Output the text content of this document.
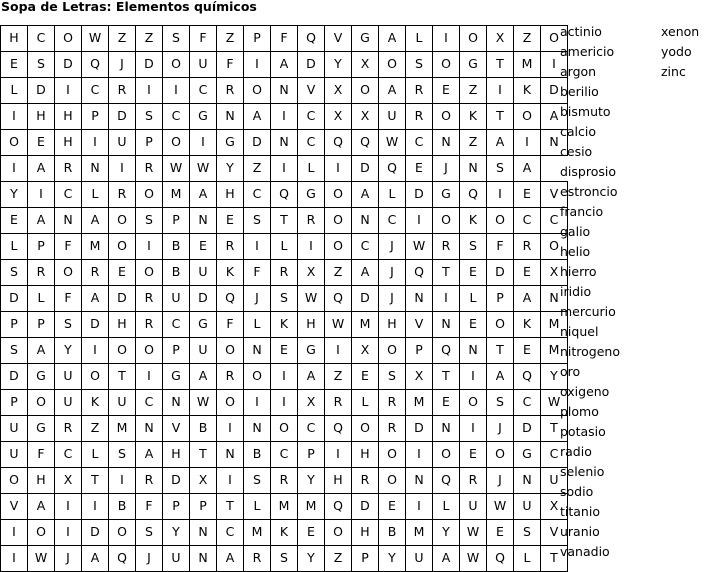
Sopa de Letras: Elementos químicos
H	C	O	W	Z	Z	S	F	Z	P	F	Q	V	G	A	L	I	O	X	Z	O
E	S	D	Q	J	D	O	U	F	I	A	D	Y	X	O	S	O	G	T	M	I
L	D	I	C	R	I	I	C	R	O	N	V	X	O	A	R	E	Z	I	K	D
I	H	H	P	D	S	C	G	N	A	I	C	X	X	U	R	O	K	T	O	A
O	E	H	I	U	P	O	I	G	D	N	C	Q	Q	W	C	N	Z	A	I	N
I	A	R	N	I	R	W	W	Y	Z	I	L	I	D	Q	E	J	N	S	A	
Y	I	C	L	R	O	M	A	H	C	Q	G	O	A	L	D	G	Q	I	E	V
E	A	N	A	O	S	P	N	E	S	T	R	O	N	C	I	O	K	O	C	C
L	P	F	M	O	I	B	E	R	I	L	I	O	C	J	W	R	S	F	R	O
S	R	O	R	E	O	B	U	K	F	R	X	Z	A	J	Q	T	E	D	E	X
D	L	F	A	D	R	U	D	Q	J	S	W	Q	D	J	N	I	L	P	A	N
P	P	S	D	H	R	C	G	F	L	K	H	W	M	H	V	N	E	O	K	M
S	A	Y	I	O	O	P	U	O	N	E	G	I	X	O	P	Q	N	T	E	M
D	G	U	O	T	I	G	A	R	O	I	A	Z	E	S	X	T	I	A	Q	Y
P	O	U	K	U	C	N	W	O	I	I	X	R	L	R	M	E	O	S	C	W
U	G	R	Z	M	N	V	B	I	N	O	C	Q	O	R	D	N	I	J	D	T
U	F	C	L	S	A	H	T	N	B	C	P	I	H	O	I	O	E	O	G	C
O	H	X	T	I	R	D	X	I	S	R	Y	H	R	O	N	Q	R	J	N	U
V	A	I	I	B	F	P	P	T	L	M	M	Q	D	E	I	L	U	W	U	X
I	O	I	D	O	S	Y	N	C	M	K	E	O	H	B	M	Y	W	E	S	V
I	W	J	A	Q	J	U	N	A	R	S	Y	Z	P	Y	U	A	W	Q	L	T
actinio
americio
argon
berilio
bismuto
calcio
cesio
disprosio
estroncio
francio
galio
helio
hierro
iridio
mercurio
niquel
nitrogeno
oro
oxigeno
plomo
potasio
radio
selenio
sodio
titanio
uranio
vanadio
xenon
yodo
zinc
